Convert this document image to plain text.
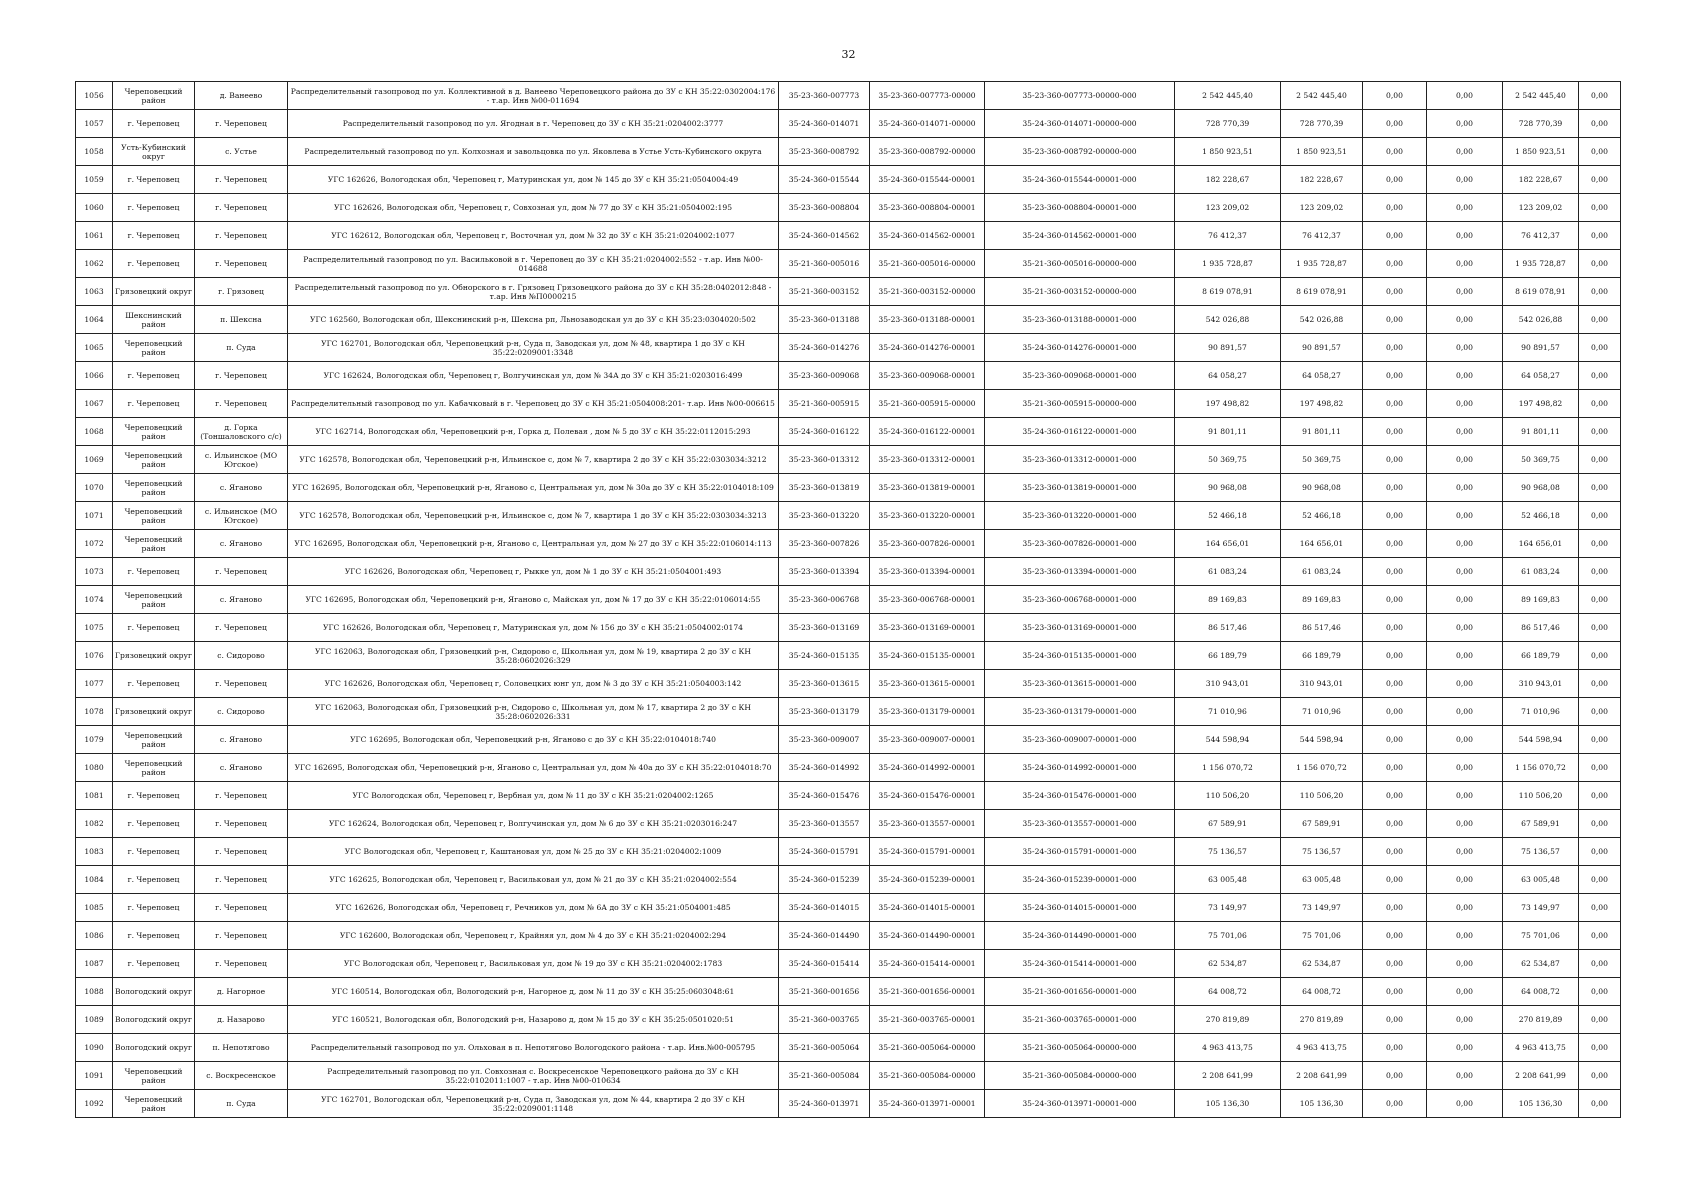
32
1056	Череповецкий район	д. Ванеево	Распределительный газопровод по ул. Коллективной в д. Ванеево Череповецкого района до ЗУ с КН 35:22:0302004:176 - т.ар. Инв №00-011694	35-23-360-007773	35-23-360-007773-00000	35-23-360-007773-00000-000	2 542 445,40	2 542 445,40	0,00	0,00	2 542 445,40	0,00
1057	г. Череповец	г. Череповец	Распределительный газопровод по ул. Ягодная в г. Череповец до ЗУ с КН 35:21:0204002:3777	35-24-360-014071	35-24-360-014071-00000	35-24-360-014071-00000-000	728 770,39	728 770,39	0,00	0,00	728 770,39	0,00
1058	Усть-Кубинский округ	с. Устье	Распределительный газопровод по ул. Колхозная и завольцовка по ул. Яковлева в Устье Усть-Кубинского округа	35-23-360-008792	35-23-360-008792-00000	35-23-360-008792-00000-000	1 850 923,51	1 850 923,51	0,00	0,00	1 850 923,51	0,00
1059	г. Череповец	г. Череповец	УГС 162626, Вологодская обл, Череповец г, Матуринская ул, дом № 145 до ЗУ с КН 35:21:0504004:49	35-24-360-015544	35-24-360-015544-00001	35-24-360-015544-00001-000	182 228,67	182 228,67	0,00	0,00	182 228,67	0,00
1060	г. Череповец	г. Череповец	УГС 162626, Вологодская обл, Череповец г, Совхозная ул, дом № 77 до ЗУ с КН 35:21:0504002:195	35-23-360-008804	35-23-360-008804-00001	35-23-360-008804-00001-000	123 209,02	123 209,02	0,00	0,00	123 209,02	0,00
1061	г. Череповец	г. Череповец	УГС 162612, Вологодская обл, Череповец г, Восточная ул, дом № 32 до ЗУ с КН 35:21:0204002:1077	35-24-360-014562	35-24-360-014562-00001	35-24-360-014562-00001-000	76 412,37	76 412,37	0,00	0,00	76 412,37	0,00
1062	г. Череповец	г. Череповец	Распределительный газопровод по ул. Васильковой в г. Череповец до ЗУ с КН 35:21:0204002:552 - т.ар. Инв №00-014688	35-21-360-005016	35-21-360-005016-00000	35-21-360-005016-00000-000	1 935 728,87	1 935 728,87	0,00	0,00	1 935 728,87	0,00
1063	Грязовецкий округ	г. Грязовец	Распределительный газопровод по ул. Обнорского в г. Грязовец Грязовецкого района до ЗУ с КН 35:28:0402012:848 - т.ар. Инв №П0000215	35-21-360-003152	35-21-360-003152-00000	35-21-360-003152-00000-000	8 619 078,91	8 619 078,91	0,00	0,00	8 619 078,91	0,00
1064	Шекснинский район	п. Шексна	УГС 162560, Вологодская обл, Шекснинский р-н, Шексна рп, Льнозаводская ул до ЗУ с КН 35:23:0304020:502	35-23-360-013188	35-23-360-013188-00001	35-23-360-013188-00001-000	542 026,88	542 026,88	0,00	0,00	542 026,88	0,00
1065	Череповецкий район	п. Суда	УГС 162701, Вологодская обл, Череповецкий р-н, Суда п, Заводская ул, дом № 48, квартира 1 до ЗУ с КН 35:22:0209001:3348	35-24-360-014276	35-24-360-014276-00001	35-24-360-014276-00001-000	90 891,57	90 891,57	0,00	0,00	90 891,57	0,00
1066	г. Череповец	г. Череповец	УГС 162624, Вологодская обл, Череповец г, Волгучинская ул, дом № 34А до ЗУ с КН 35:21:0203016:499	35-23-360-009068	35-23-360-009068-00001	35-23-360-009068-00001-000	64 058,27	64 058,27	0,00	0,00	64 058,27	0,00
1067	г. Череповец	г. Череповец	Распределительный газопровод по ул. Кабачковый в г. Череповец до ЗУ с КН 35:21:0504008:201- т.ар. Инв №00-006615	35-21-360-005915	35-21-360-005915-00000	35-21-360-005915-00000-000	197 498,82	197 498,82	0,00	0,00	197 498,82	0,00
1068	Череповецкий район	д. Горка (Тоншаловского с/с)	УГС 162714, Вологодская обл, Череповецкий р-н, Горка д, Полевая , дом № 5 до ЗУ с КН 35:22:0112015:293	35-24-360-016122	35-24-360-016122-00001	35-24-360-016122-00001-000	91 801,11	91 801,11	0,00	0,00	91 801,11	0,00
1069	Череповецкий район	с. Ильинское (МО Югское)	УГС 162578, Вологодская обл, Череповецкий р-н, Ильинское с, дом № 7, квартира 2 до ЗУ с КН 35:22:0303034:3212	35-23-360-013312	35-23-360-013312-00001	35-23-360-013312-00001-000	50 369,75	50 369,75	0,00	0,00	50 369,75	0,00
1070	Череповецкий район	с. Яганово	УГС 162695, Вологодская обл, Череповецкий р-н, Яганово с, Центральная ул, дом № 30а до ЗУ с КН 35:22:0104018:109	35-23-360-013819	35-23-360-013819-00001	35-23-360-013819-00001-000	90 968,08	90 968,08	0,00	0,00	90 968,08	0,00
1071	Череповецкий район	с. Ильинское (МО Югское)	УГС 162578, Вологодская обл, Череповецкий р-н, Ильинское с, дом № 7, квартира 1 до ЗУ с КН 35:22:0303034:3213	35-23-360-013220	35-23-360-013220-00001	35-23-360-013220-00001-000	52 466,18	52 466,18	0,00	0,00	52 466,18	0,00
1072	Череповецкий район	с. Яганово	УГС 162695, Вологодская обл, Череповецкий р-н, Яганово с, Центральная ул, дом № 27 до ЗУ с КН 35:22:0106014:113	35-23-360-007826	35-23-360-007826-00001	35-23-360-007826-00001-000	164 656,01	164 656,01	0,00	0,00	164 656,01	0,00
1073	г. Череповец	г. Череповец	УГС 162626, Вологодская обл, Череповец г, Рыкке ул, дом № 1 до ЗУ с КН 35:21:0504001:493	35-23-360-013394	35-23-360-013394-00001	35-23-360-013394-00001-000	61 083,24	61 083,24	0,00	0,00	61 083,24	0,00
1074	Череповецкий район	с. Яганово	УГС 162695, Вологодская обл, Череповецкий р-н, Яганово с, Майская ул, дом № 17 до ЗУ с КН 35:22:0106014:55	35-23-360-006768	35-23-360-006768-00001	35-23-360-006768-00001-000	89 169,83	89 169,83	0,00	0,00	89 169,83	0,00
1075	г. Череповец	г. Череповец	УГС 162626, Вологодская обл, Череповец г, Матуринская ул, дом № 156 до ЗУ с КН 35:21:0504002:0174	35-23-360-013169	35-23-360-013169-00001	35-23-360-013169-00001-000	86 517,46	86 517,46	0,00	0,00	86 517,46	0,00
1076	Грязовецкий округ	с. Сидорово	УГС 162063, Вологодская обл, Грязовецкий р-н, Сидорово с, Школьная ул, дом № 19, квартира 2 до ЗУ с КН 35:28:0602026:329	35-24-360-015135	35-24-360-015135-00001	35-24-360-015135-00001-000	66 189,79	66 189,79	0,00	0,00	66 189,79	0,00
1077	г. Череповец	г. Череповец	УГС 162626, Вологодская обл, Череповец г, Соловецких юнг ул, дом № 3 до ЗУ с КН 35:21:0504003:142	35-23-360-013615	35-23-360-013615-00001	35-23-360-013615-00001-000	310 943,01	310 943,01	0,00	0,00	310 943,01	0,00
1078	Грязовецкий округ	с. Сидорово	УГС 162063, Вологодская обл, Грязовецкий р-н, Сидорово с, Школьная ул, дом № 17, квартира 2 до ЗУ с КН 35:28:0602026:331	35-23-360-013179	35-23-360-013179-00001	35-23-360-013179-00001-000	71 010,96	71 010,96	0,00	0,00	71 010,96	0,00
1079	Череповецкий район	с. Яганово	УГС 162695, Вологодская обл, Череповецкий р-н, Яганово с до ЗУ с КН 35:22:0104018:740	35-23-360-009007	35-23-360-009007-00001	35-23-360-009007-00001-000	544 598,94	544 598,94	0,00	0,00	544 598,94	0,00
1080	Череповецкий район	с. Яганово	УГС 162695, Вологодская обл, Череповецкий р-н, Яганово с, Центральная ул, дом № 40а до ЗУ с КН 35:22:0104018:70	35-24-360-014992	35-24-360-014992-00001	35-24-360-014992-00001-000	1 156 070,72	1 156 070,72	0,00	0,00	1 156 070,72	0,00
1081	г. Череповец	г. Череповец	УГС Вологодская обл, Череповец г, Вербная ул, дом № 11 до ЗУ с КН 35:21:0204002:1265	35-24-360-015476	35-24-360-015476-00001	35-24-360-015476-00001-000	110 506,20	110 506,20	0,00	0,00	110 506,20	0,00
1082	г. Череповец	г. Череповец	УГС 162624, Вологодская обл, Череповец г, Волгучинская ул, дом № 6 до ЗУ с КН 35:21:0203016:247	35-23-360-013557	35-23-360-013557-00001	35-23-360-013557-00001-000	67 589,91	67 589,91	0,00	0,00	67 589,91	0,00
1083	г. Череповец	г. Череповец	УГС Вологодская обл, Череповец г, Каштановая ул, дом № 25 до ЗУ с КН 35:21:0204002:1009	35-24-360-015791	35-24-360-015791-00001	35-24-360-015791-00001-000	75 136,57	75 136,57	0,00	0,00	75 136,57	0,00
1084	г. Череповец	г. Череповец	УГС 162625, Вологодская обл, Череповец г, Васильковая ул, дом № 21 до ЗУ с КН 35:21:0204002:554	35-24-360-015239	35-24-360-015239-00001	35-24-360-015239-00001-000	63 005,48	63 005,48	0,00	0,00	63 005,48	0,00
1085	г. Череповец	г. Череповец	УГС 162626, Вологодская обл, Череповец г, Речников ул, дом № 6А до ЗУ с КН 35:21:0504001:485	35-24-360-014015	35-24-360-014015-00001	35-24-360-014015-00001-000	73 149,97	73 149,97	0,00	0,00	73 149,97	0,00
1086	г. Череповец	г. Череповец	УГС 162600, Вологодская обл, Череповец г, Крайняя ул, дом № 4 до ЗУ с КН 35:21:0204002:294	35-24-360-014490	35-24-360-014490-00001	35-24-360-014490-00001-000	75 701,06	75 701,06	0,00	0,00	75 701,06	0,00
1087	г. Череповец	г. Череповец	УГС Вологодская обл, Череповец г, Васильковая ул, дом № 19 до ЗУ с КН 35:21:0204002:1783	35-24-360-015414	35-24-360-015414-00001	35-24-360-015414-00001-000	62 534,87	62 534,87	0,00	0,00	62 534,87	0,00
1088	Вологодский округ	д. Нагорное	УГС 160514, Вологодская обл, Вологодский р-н, Нагорное д, дом № 11 до ЗУ с КН 35:25:0603048:61	35-21-360-001656	35-21-360-001656-00001	35-21-360-001656-00001-000	64 008,72	64 008,72	0,00	0,00	64 008,72	0,00
1089	Вологодский округ	д. Назарово	УГС 160521, Вологодская обл, Вологодский р-н, Назарово д, дом № 15 до ЗУ с КН 35:25:0501020:51	35-21-360-003765	35-21-360-003765-00001	35-21-360-003765-00001-000	270 819,89	270 819,89	0,00	0,00	270 819,89	0,00
1090	Вологодский округ	п. Непотягово	Распределительный газопровод по ул. Ольховая в п. Непотягово Вологодского района - т.ар. Инв.№00-005795	35-21-360-005064	35-21-360-005064-00000	35-21-360-005064-00000-000	4 963 413,75	4 963 413,75	0,00	0,00	4 963 413,75	0,00
1091	Череповецкий район	с. Воскресенское	Распределительный газопровод по ул. Совхозная с. Воскресенское Череповецкого района до ЗУ с КН 35:22:0102011:1007 - т.ар. Инв №00-010634	35-21-360-005084	35-21-360-005084-00000	35-21-360-005084-00000-000	2 208 641,99	2 208 641,99	0,00	0,00	2 208 641,99	0,00
1092	Череповецкий район	п. Суда	УГС 162701, Вологодская обл, Череповецкий р-н, Суда п, Заводская ул, дом № 44, квартира 2 до ЗУ с КН 35:22:0209001:1148	35-24-360-013971	35-24-360-013971-00001	35-24-360-013971-00001-000	105 136,30	105 136,30	0,00	0,00	105 136,30	0,00
